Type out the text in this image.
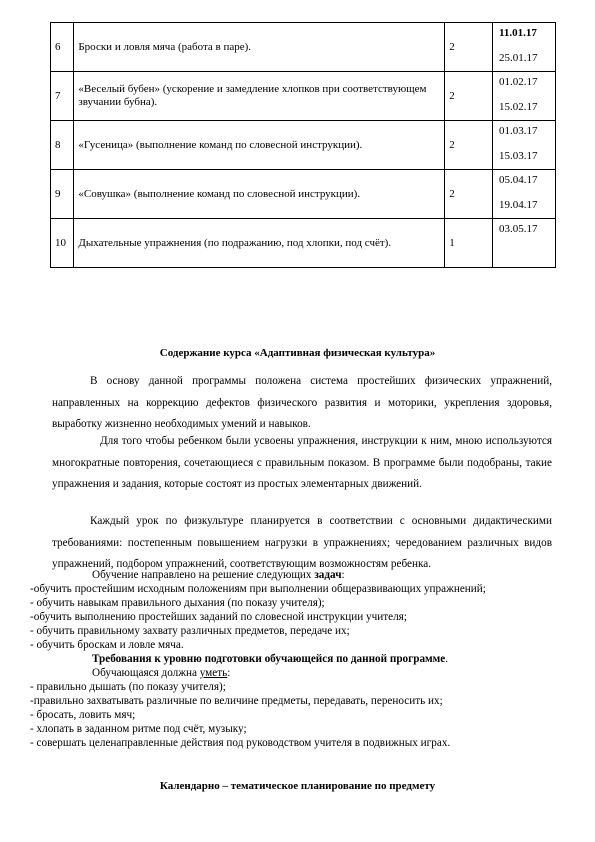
6	Броски и ловля мяча (работа в паре).	2	11.01.17
25.01.17

7	«Веселый бубен» (ускорение и замедление хлопков при соответствующем звучании бубна).	2	01.02.17
15.02.17

8	«Гусеница» (выполнение команд по словесной инструкции).	2	01.03.17
15.03.17

9	«Совушка» (выполнение команд по словесной инструкции).	2	05.04.17
19.04.17

10	Дыхательные упражнения (по подражанию, под хлопки, под счёт).	1	03.05.17
Содержание курса «Адаптивная физическая культура»
В основу данной программы положена система простейших физических упражнений, направленных на коррекцию дефектов физического развития и моторики, укрепления здоровья, выработку жизненно необходимых умений и навыков.
Для того чтобы ребенком были усвоены упражнения, инструкции к ним, мною используются многократные повторения, сочетающиеся с правильным показом. В программе были подобраны, такие упражнения и задания, которые состоят из простых элементарных движений.
Каждый урок по физкультуре планируется в соответствии с основными дидактическими требованиями: постепенным повышением нагрузки в упражнениях; чередованием различных видов упражнений, подбором упражнений, соответствующим возможностям ребенка.

Обучение направлено на решение следующих задач:

-обучить простейшим исходным положениям при выполнении общеразвивающих упражнений;

- обучить навыкам правильного дыхания (по показу учителя);

-обучить выполнению простейших заданий по словесной инструкции учителя;

- обучить правильному захвату различных предметов, передаче их;

- обучить броскам и ловле мяча.

Требования к уровню подготовки обучающейся по данной программе.

Обучающаяся должна уметь:

- правильно дышать (по показу учителя);

-правильно захватывать различные по величине предметы, передавать, переносить их;

- бросать, ловить мяч;

- хлопать в заданном ритме под счёт, музыку;

- совершать целенаправленные действия под руководством учителя в подвижных играх.

Календарно – тематическое планирование по предмету
